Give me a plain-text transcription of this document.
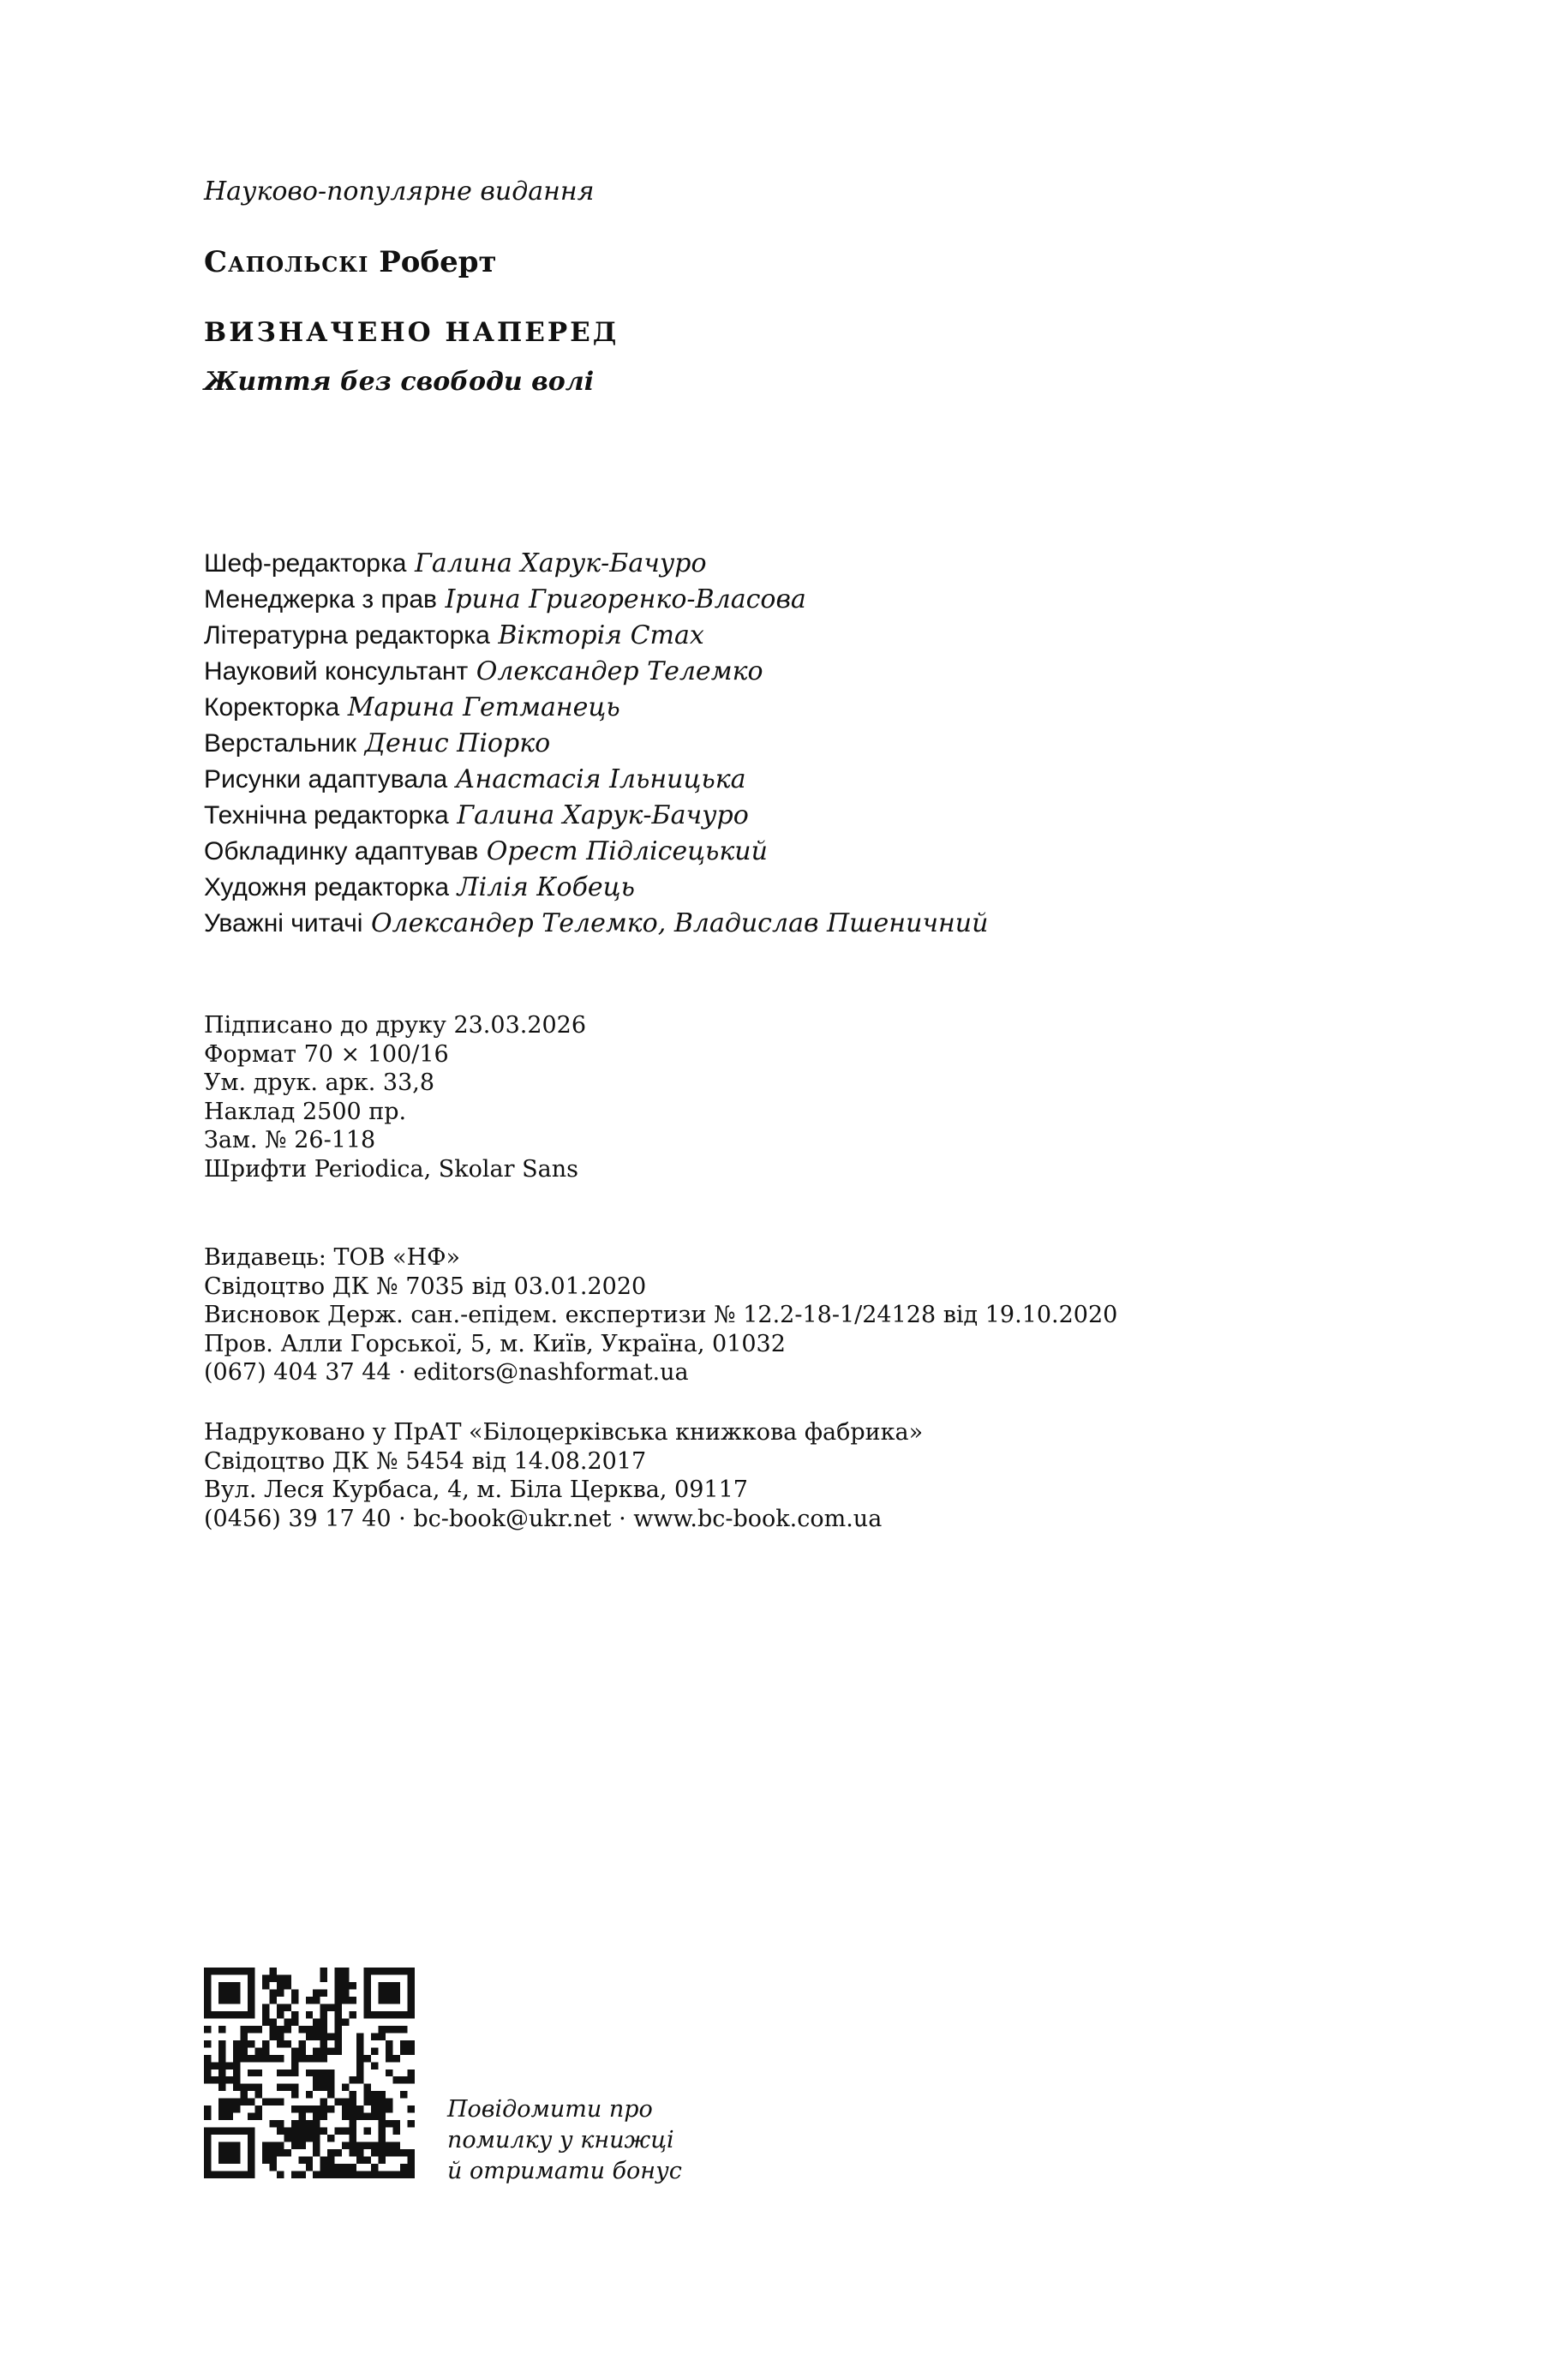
Науково-популярне видання
Сапольскі Роберт
ВИЗНАЧЕНО НАПЕРЕД
Життя без свободи волі
Шеф-редакторка Галина Харук-Бачуро
Менеджерка з прав Ірина Григоренко-Власова
Літературна редакторка Вікторія Стах
Науковий консультант Олександер Телемко
Коректорка Марина Гетманець
Верстальник Денис Піорко
Рисунки адаптувала Анастасія Ільницька
Технічна редакторка Галина Харук-Бачуро
Обкладинку адаптував Орест Підлісецький
Художня редакторка Лілія Кобець
Уважні читачі Олександер Телемко, Владислав Пшеничний
Підписано до друку 23.03.2026
Формат 70 × 100/16
Ум. друк. арк. 33,8
Наклад 2500 пр.
Зам. № 26-118
Шрифти Periodica, Skolar Sans
Видавець: ТОВ «НФ»
Свідоцтво ДК № 7035 від 03.01.2020
Висновок Держ. сан.-епідем. експертизи № 12.2-18-1/24128 від 19.10.2020
Пров. Алли Горської, 5, м. Київ, Україна, 01032
(067) 404 37 44 · editors@nashformat.ua
Надруковано у ПрАТ «Білоцерківська книжкова фабрика»
Свідоцтво ДК № 5454 від 14.08.2017
Вул. Леся Курбаса, 4, м. Біла Церква, 09117
(0456) 39 17 40 · bc-book@ukr.net · www.bc-book.com.ua
Повідомити про
помилку у книжці
й отримати бонус
